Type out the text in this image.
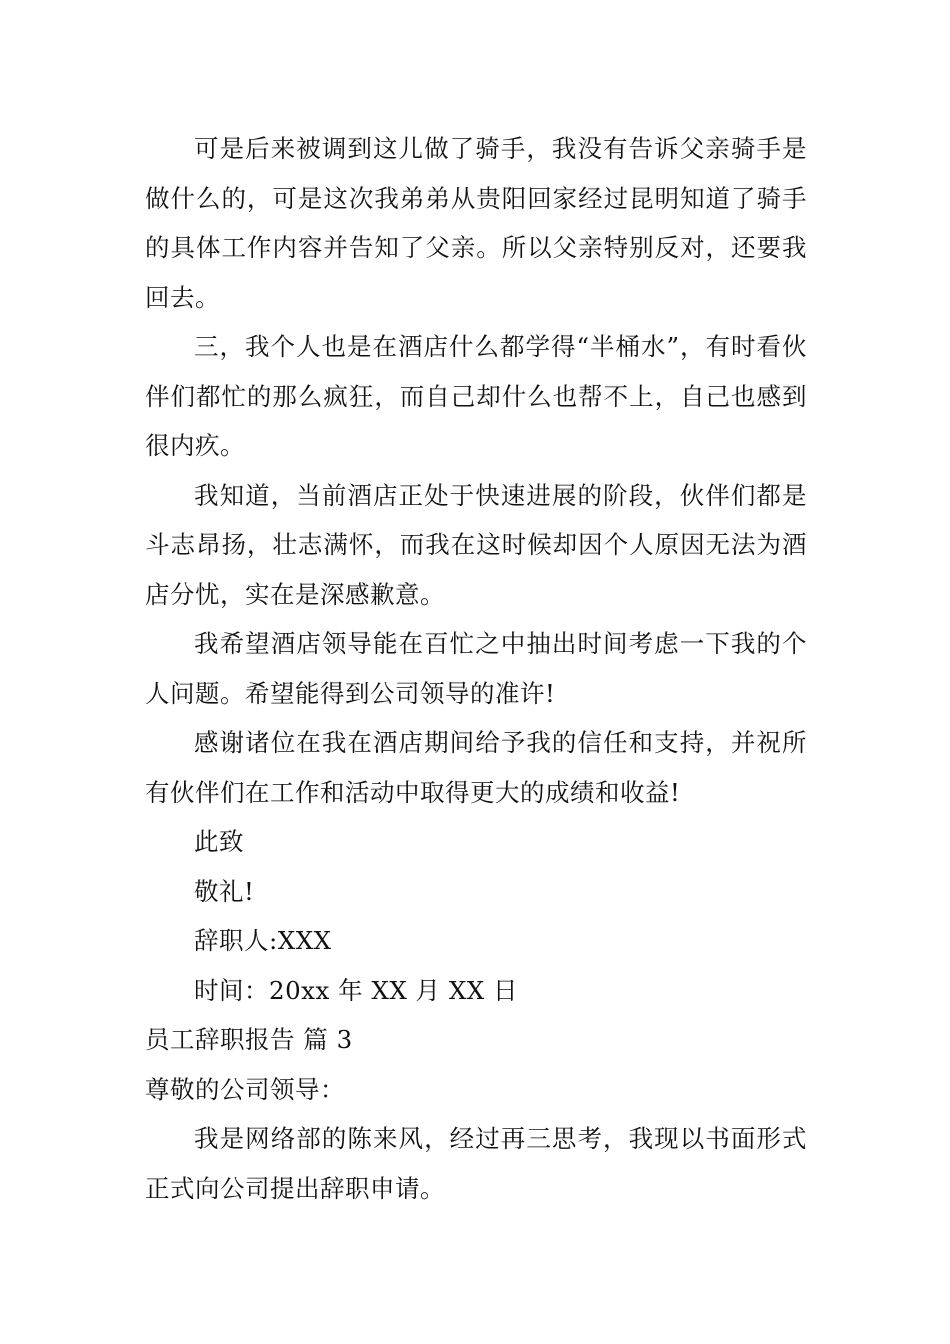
可是后来被调到这儿做了骑手，我没有告诉父亲骑手是做什么的，可是这次我弟弟从贵阳回家经过昆明知道了骑手的具体工作内容并告知了父亲。所以父亲特别反对，还要我回去。

三，我个人也是在酒店什么都学得“半桶水”，有时看伙伴们都忙的那么疯狂，而自己却什么也帮不上，自己也感到很内疚。

我知道，当前酒店正处于快速进展的阶段，伙伴们都是斗志昂扬，壮志满怀，而我在这时候却因个人原因无法为酒店分忧，实在是深感歉意。

我希望酒店领导能在百忙之中抽出时间考虑一下我的个人问题。希望能得到公司领导的准许!

感谢诸位在我在酒店期间给予我的信任和支持，并祝所有伙伴们在工作和活动中取得更大的成绩和收益!

此致

敬礼!

辞职人:XXX

时间：20xx 年 XX 月 XX 日

员工辞职报告 篇 3

尊敬的公司领导：

我是网络部的陈来风，经过再三思考，我现以书面形式正式向公司提出辞职申请。
